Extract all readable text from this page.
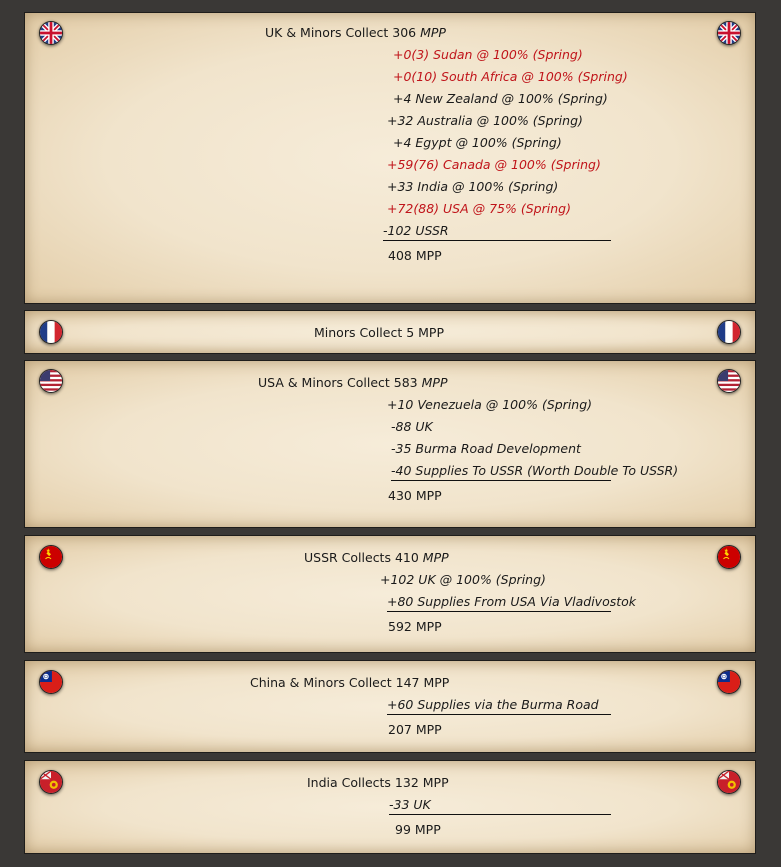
UK & Minors Collect 306 MPP
+0(3) Sudan @ 100% (Spring)
+0(10) South Africa @ 100% (Spring)
+4 New Zealand @ 100% (Spring)
+32 Australia @ 100% (Spring)
+4 Egypt @ 100% (Spring)
+59(76) Canada @ 100% (Spring)
+33 India @ 100% (Spring)
+72(88) USA @ 75% (Spring)
-102 USSR
408 MPP
Minors Collect 5 MPP
USA & Minors Collect 583 MPP
+10 Venezuela @ 100% (Spring)
-88 UK
-35 Burma Road Development
-40 Supplies To USSR (Worth Double To USSR)
430 MPP
USSR Collects 410 MPP
+102 UK @ 100% (Spring)
+80 Supplies From USA Via Vladivostok
592 MPP
China & Minors Collect 147 MPP
+60 Supplies via the Burma Road
207 MPP
India Collects 132 MPP
-33 UK
99 MPP
